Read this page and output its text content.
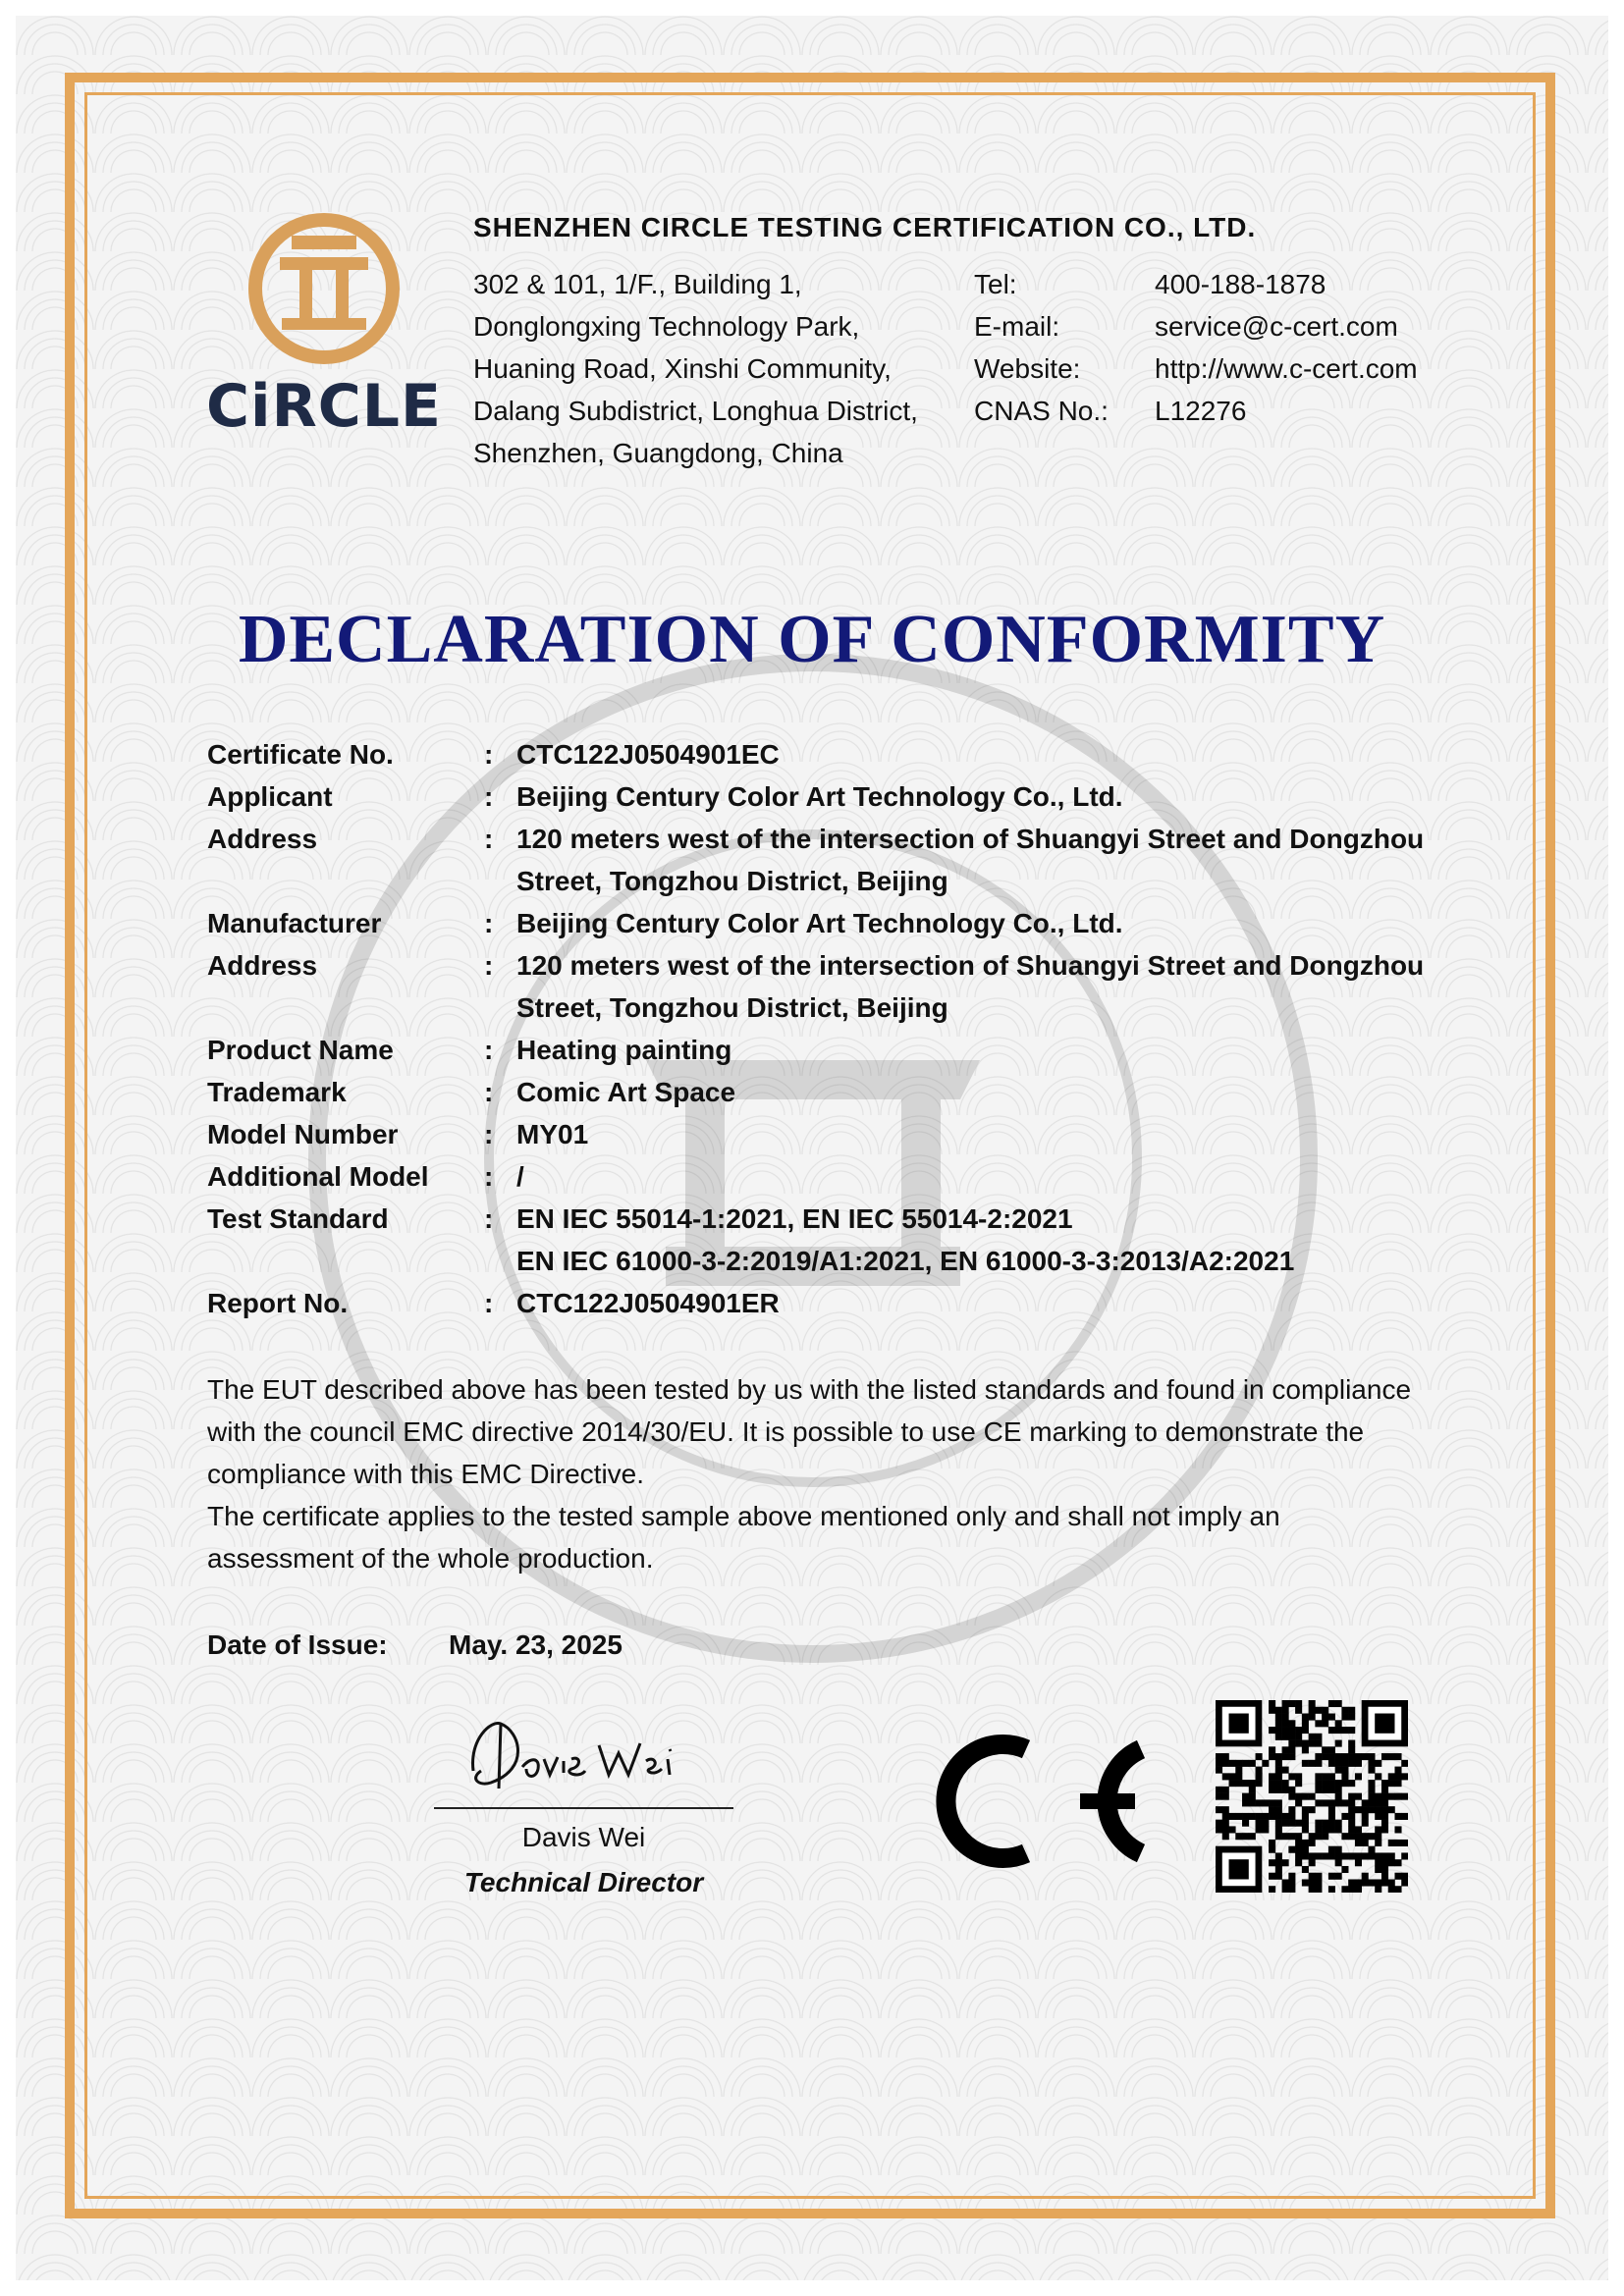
CiRCLE
SHENZHEN CIRCLE TESTING CERTIFICATION CO., LTD.
302 & 101, 1/F., Building 1,
Donglongxing Technology Park,
Huaning Road, Xinshi Community,
Dalang Subdistrict, Longhua District,
Shenzhen, Guangdong, China
Tel:	400-188-1878
E-mail:	service@c-cert.com
Website:	http://www.c-cert.com
CNAS No.:	L12276
DECLARATION OF CONFORMITY
Certificate No.	: CTC122J0504901EC
Applicant	: Beijing Century Color Art Technology Co., Ltd.
Address	: 120 meters west of the intersection of Shuangyi Street and Dongzhou
Street, Tongzhou District, Beijing
Manufacturer	: Beijing Century Color Art Technology Co., Ltd.
Address	: 120 meters west of the intersection of Shuangyi Street and Dongzhou
Street, Tongzhou District, Beijing
Product Name	: Heating painting
Trademark	: Comic Art Space
Model Number	: MY01
Additional Model	: /
Test Standard	: EN IEC 55014-1:2021, EN IEC 55014-2:2021
EN IEC 61000-3-2:2019/A1:2021, EN 61000-3-3:2013/A2:2021
Report No.	: CTC122J0504901ER
The EUT described above has been tested by us with the listed standards and found in compliance
with the council EMC directive 2014/30/EU. It is possible to use CE marking to demonstrate the
compliance with this EMC Directive.
The certificate applies to the tested sample above mentioned only and shall not imply an
assessment of the whole production.
Date of Issue:	May. 23, 2025
Davis Wei
Technical Director
